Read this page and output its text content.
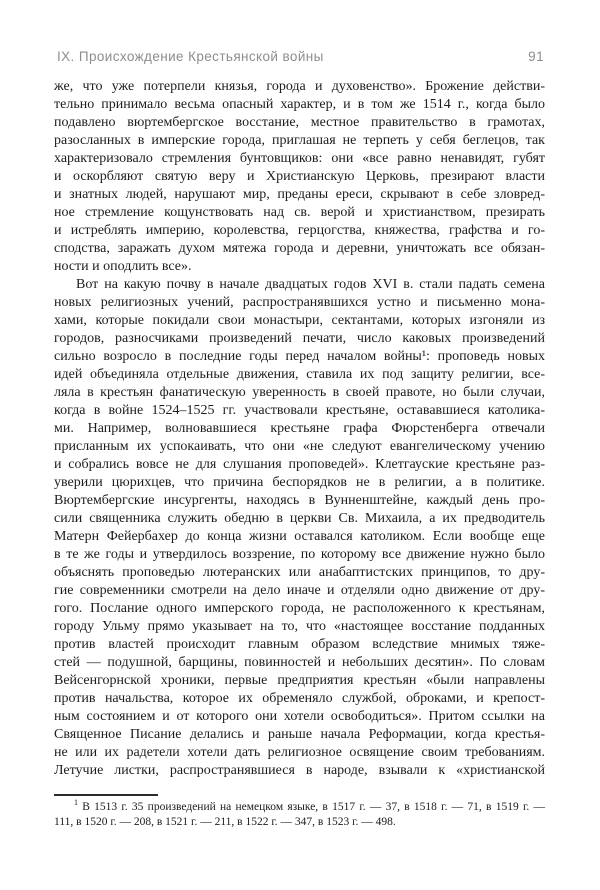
IX. Происхождение Крестьянской войны	91
же, что уже потерпели князья, города и духовенство». Брожение действи-
тельно принимало весьма опасный характер, и в том же 1514 г., когда было
подавлено вюртембергское восстание, местное правительство в грамотах,
разосланных в имперские города, приглашая не терпеть у себя беглецов, так
характеризовало стремления бунтовщиков: они «все равно ненавидят, губят
и оскорбляют святую веру и Христианскую Церковь, презирают власти
и знатных людей, нарушают мир, преданы ереси, скрывают в себе зловред-
ное стремление кощунствовать над св. верой и христианством, презирать
и истреблять империю, королевства, герцогства, княжества, графства и го-
сподства, заражать духом мятежа города и деревни, уничтожать все обязан-
ности и оподлить все».
Вот на какую почву в начале двадцатых годов XVI в. стали падать семена
новых религиозных учений, распространявшихся устно и письменно мона-
хами, которые покидали свои монастыри, сектантами, которых изгоняли из
городов, разносчиками произведений печати, число каковых произведений
сильно возросло в последние годы перед началом войны¹: проповедь новых
идей объединяла отдельные движения, ставила их под защиту религии, все-
ляла в крестьян фанатическую уверенность в своей правоте, но были случаи,
когда в войне 1524–1525 гг. участвовали крестьяне, остававшиеся католика-
ми. Например, волновавшиеся крестьяне графа Фюрстенберга отвечали
присланным их успокаивать, что они «не следуют евангелическому учению
и собрались вовсе не для слушания проповедей». Клетгауские крестьяне раз-
уверили цюрихцев, что причина беспорядков не в религии, а в политике.
Вюртембергские инсургенты, находясь в Вунненштейне, каждый день про-
сили священника служить обедню в церкви Св. Михаила, а их предводитель
Матерн Фейербахер до конца жизни оставался католиком. Если вообще еще
в те же годы и утвердилось воззрение, по которому все движение нужно было
объяснять проповедью лютеранских или анабаптистских принципов, то дру-
гие современники смотрели на дело иначе и отделяли одно движение от дру-
гого. Послание одного имперского города, не расположенного к крестьянам,
городу Ульму прямо указывает на то, что «настоящее восстание подданных
против властей происходит главным образом вследствие мнимых тяже-
стей — подушной, барщины, повинностей и небольших десятин». По словам
Вейсенгорнской хроники, первые предприятия крестьян «были направлены
против начальства, которое их обременяло службой, оброками, и крепост-
ным состоянием и от которого они хотели освободиться». Притом ссылки на
Священное Писание делались и раньше начала Реформации, когда крестья-
не или их радетели хотели дать религиозное освящение своим требованиям.
Летучие листки, распространявшиеся в народе, взывали к «христианской
$^1$ В 1513 г. 35 произведений на немецком языке, в 1517 г. — 37, в 1518 г. — 71, в 1519 г. —
111, в 1520 г. — 208, в 1521 г. — 211, в 1522 г. — 347, в 1523 г. — 498.
